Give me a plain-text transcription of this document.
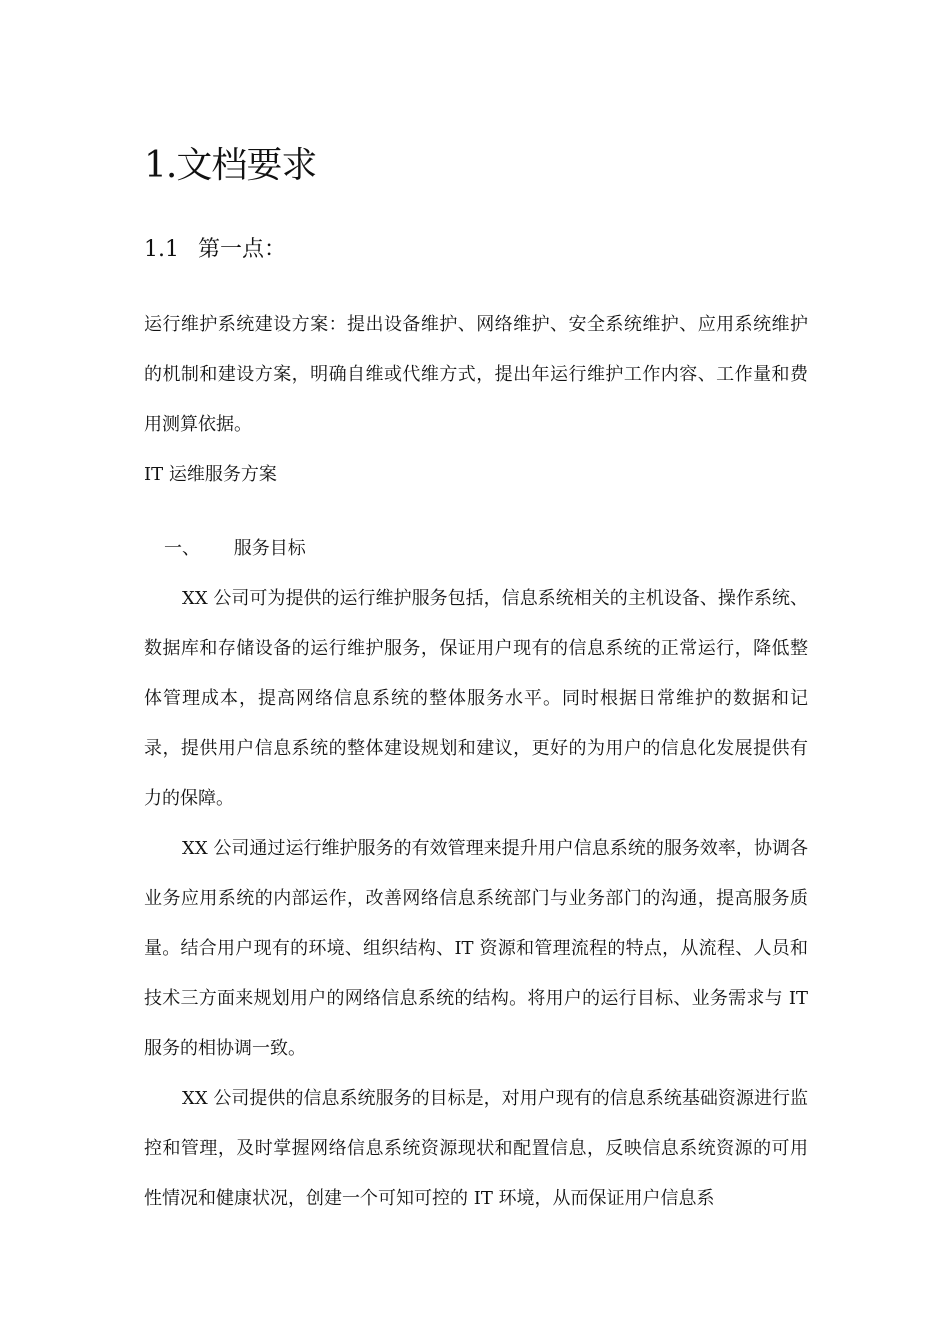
1.文档要求
1.1 第一点：

运行维护系统建设方案：提出设备维护、网络维护、安全系统维护、应用系统维护的机制和建设方案，明确自维或代维方式，提出年运行维护工作内容、工作量和费用测算依据。

IT 运维服务方案

一、 服务目标

XX 公司可为提供的运行维护服务包括，信息系统相关的主机设备、操作系统、数据库和存储设备的运行维护服务，保证用户现有的信息系统的正常运行，降低整体管理成本，提高网络信息系统的整体服务水平。同时根据日常维护的数据和记录，提供用户信息系统的整体建设规划和建议，更好的为用户的信息化发展提供有力的保障。

XX 公司通过运行维护服务的有效管理来提升用户信息系统的服务效率，协调各业务应用系统的内部运作，改善网络信息系统部门与业务部门的沟通，提高服务质量。结合用户现有的环境、组织结构、IT 资源和管理流程的特点，从流程、人员和技术三方面来规划用户的网络信息系统的结构。将用户的运行目标、业务需求与 IT 服务的相协调一致。

XX 公司提供的信息系统服务的目标是，对用户现有的信息系统基础资源进行监控和管理，及时掌握网络信息系统资源现状和配置信息，反映信息系统资源的可用性情况和健康状况，创建一个可知可控的 IT 环境，从而保证用户信息系
